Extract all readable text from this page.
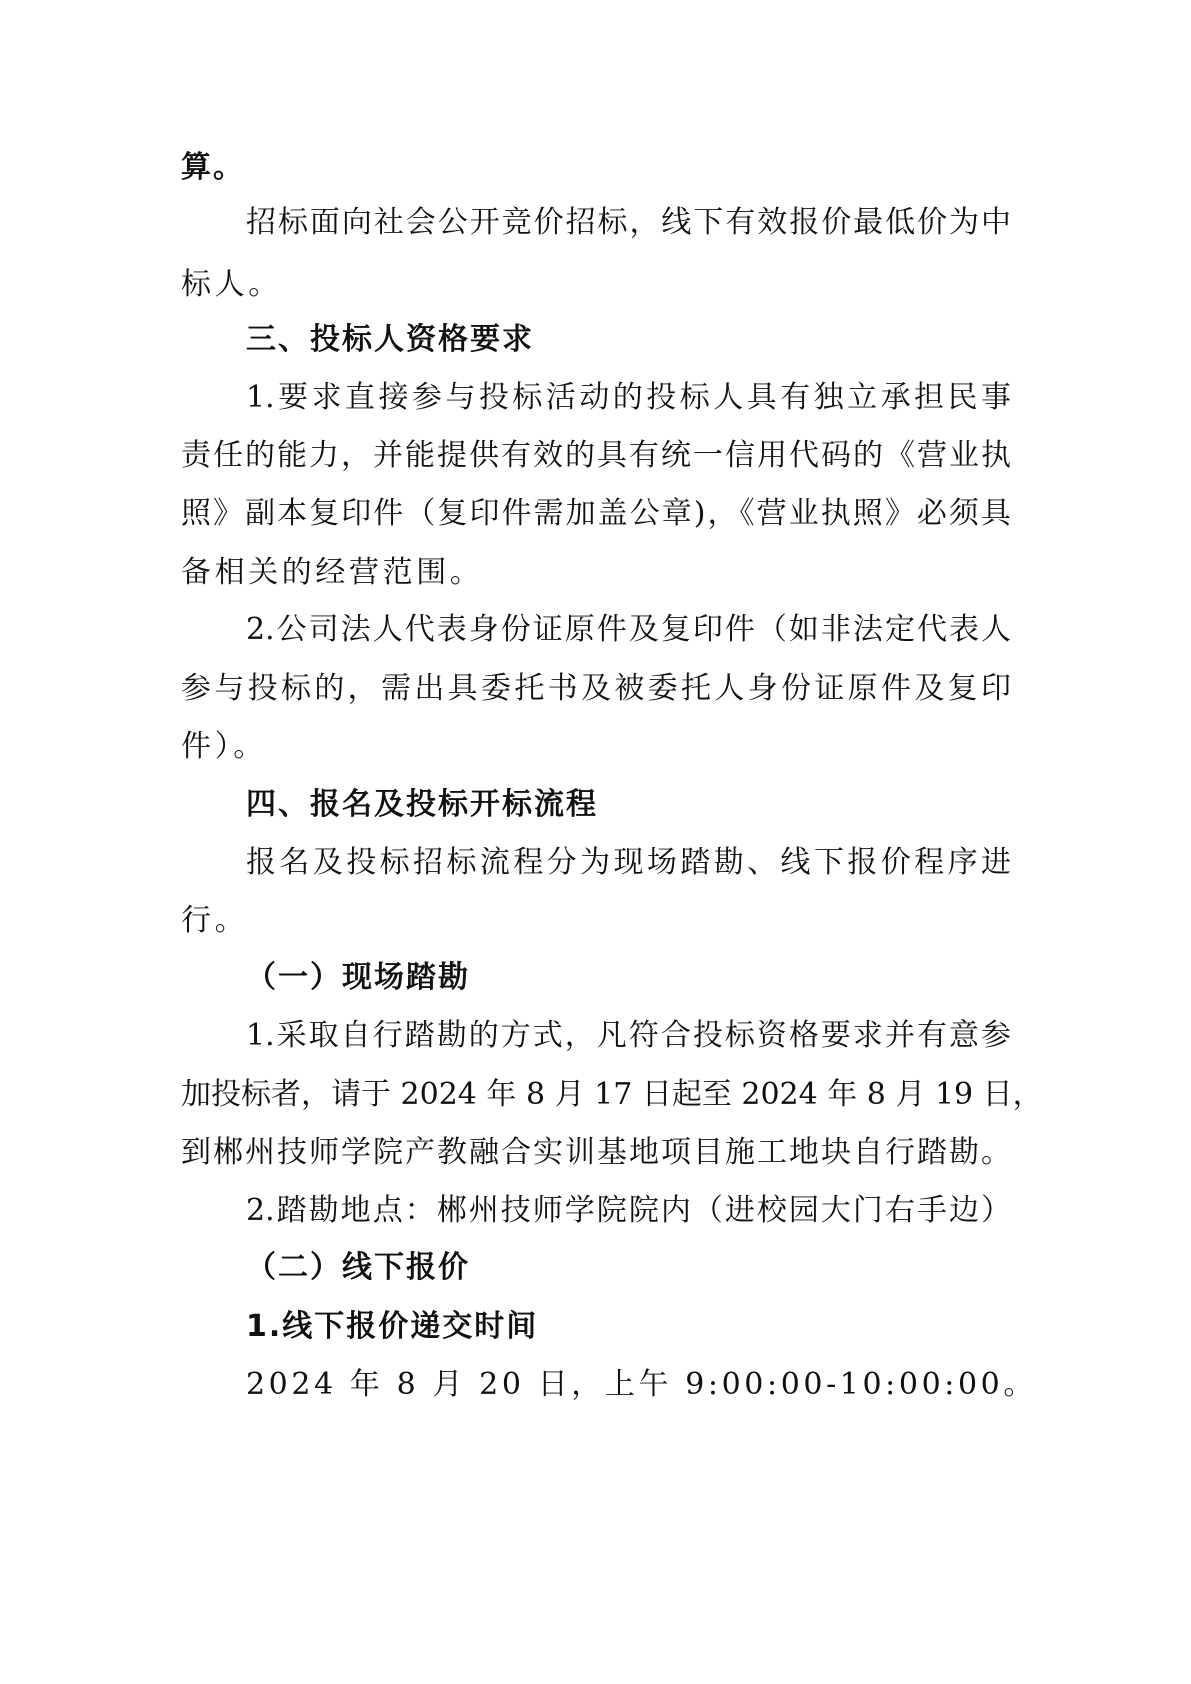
算。
招标面向社会公开竞价招标，线下有效报价最低价为中
标人。
三、投标人资格要求
1.要求直接参与投标活动的投标人具有独立承担民事
责任的能力，并能提供有效的具有统一信用代码的《营业执
照》副本复印件（复印件需加盖公章)，《营业执照》必须具
备相关的经营范围。
2.公司法人代表身份证原件及复印件（如非法定代表人
参与投标的，需出具委托书及被委托人身份证原件及复印
件）。
四、报名及投标开标流程
报名及投标招标流程分为现场踏勘、线下报价程序进
行。
（一）现场踏勘
1.采取自行踏勘的方式，凡符合投标资格要求并有意参
加投标者，请于 2024 年 8 月 17 日起至 2024 年 8 月 19 日，
到郴州技师学院产教融合实训基地项目施工地块自行踏勘。
2.踏勘地点：郴州技师学院院内（进校园大门右手边）
（二）线下报价
1.线下报价递交时间
2024 年 8 月 20 日，上午 9:00:00-10:00:00。
